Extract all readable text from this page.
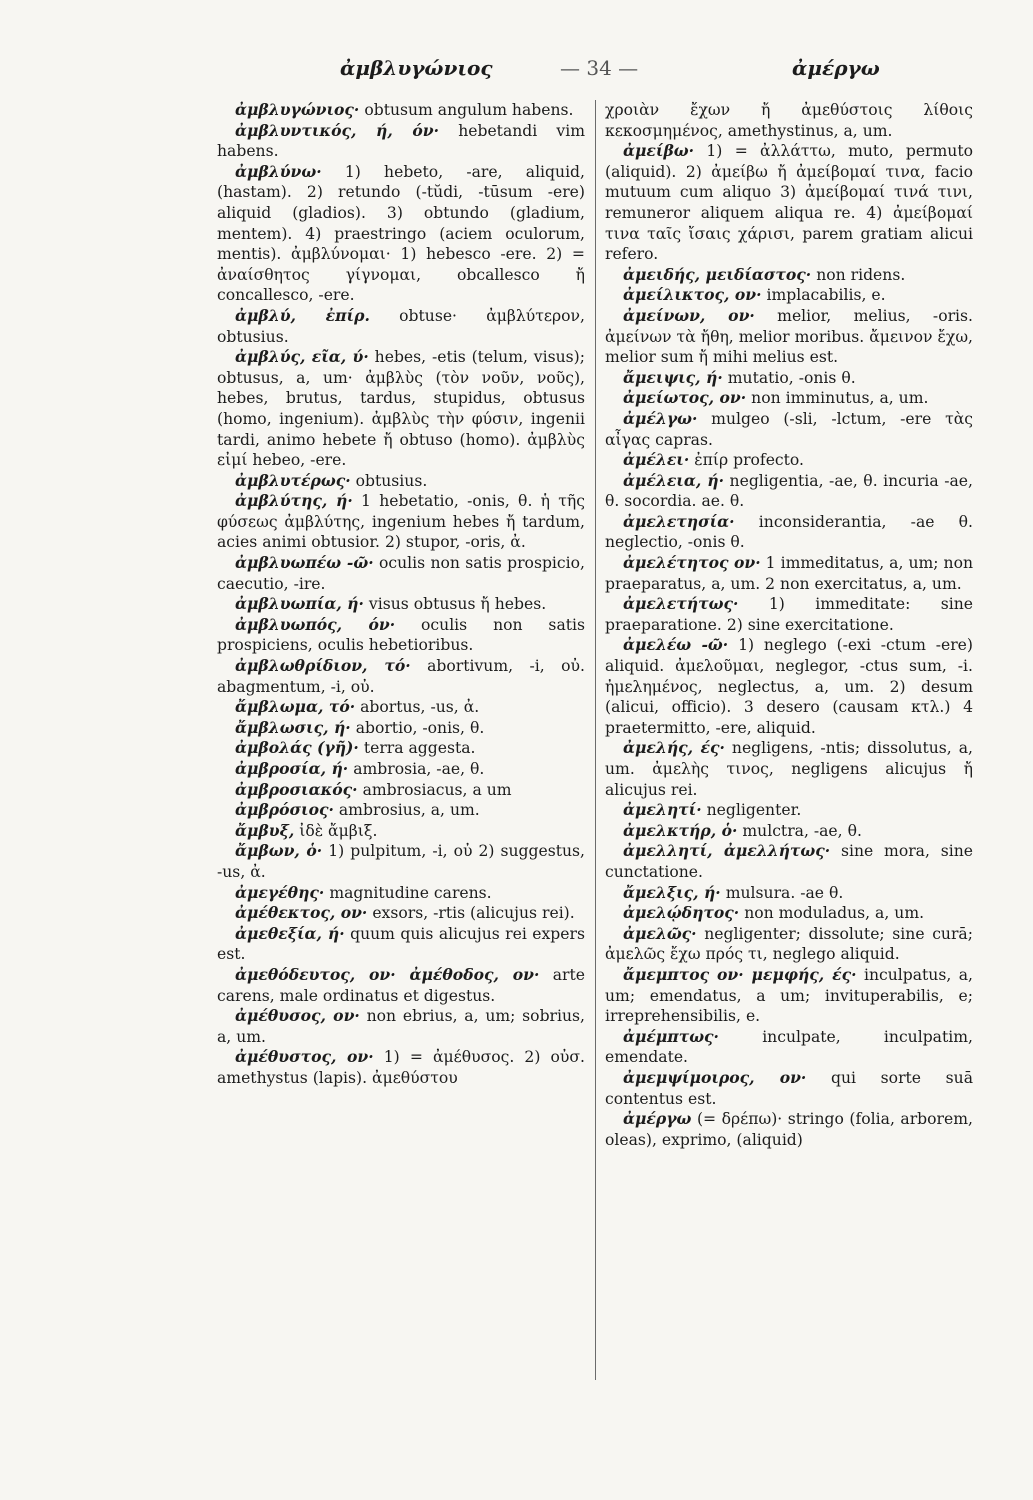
ἀμβλυγώνιος	— 34 —	ἀμέργω

ἀμβλυγώνιος· obtusum angulum habens.

ἀμβλυντικός, ή, όν· hebetandi vim habens.

ἀμβλύνω· 1) hebeto, -are, aliquid, (hastam). 2) retundo (-tŭdi, -tūsum -ere) aliquid (gladios). 3) obtundo (gladium, mentem). 4) praestringo (aciem oculorum, mentis). ἀμβλύνομαι· 1) hebesco -ere. 2) = ἀναίσθητος γίγνομαι, obcallesco ἤ concallesco, -ere.

ἀμβλύ, ἐπίρ. obtuse· ἀμβλύτερον, obtusius.

ἀμβλύς, εῖα, ύ· hebes, -etis (telum, visus); obtusus, a, um· ἀμβλὺς (τὸν νοῦν, νοῦς), hebes, brutus, tardus, stupidus, obtusus (homo, ingenium). ἀμβλὺς τὴν φύσιν, ingenii tardi, animo hebete ἤ obtuso (homo). ἀμβλὺς εἰμί hebeo, -ere.

ἀμβλυτέρως· obtusius.

ἀμβλύτης, ή· 1 hebetatio, -onis, θ. ἡ τῆς φύσεως ἀμβλύτης, ingenium hebes ἤ tardum, acies animi obtusior. 2) stupor, -oris, ἀ.

ἀμβλυωπέω -ῶ· oculis non satis prospicio, caecutio, -ire.

ἀμβλυωπία, ή· visus obtusus ἤ hebes.

ἀμβλυωπός, όν· oculis non satis prospiciens, oculis hebetioribus.

ἀμβλωθρίδιον, τό· abortivum, -i, οὐ. abagmentum, -i, οὐ.

ἄμβλωμα, τό· abortus, -us, ἀ.

ἄμβλωσις, ή· abortio, -onis, θ.

ἀμβολάς (γῆ)· terra aggesta.

ἀμβροσία, ή· ambrosia, -ae, θ.

ἀμβροσιακός· ambrosiacus, a um

ἀμβρόσιος· ambrosius, a, um.

ἄμβυξ, ἰδὲ ἄμβιξ.

ἄμβων, ὁ· 1) pulpitum, -i, οὐ 2) suggestus, -us, ἀ.

ἀμεγέθης· magnitudine carens.

ἀμέθεκτος, ον· exsors, -rtis (alicujus rei).

ἀμεθεξία, ή· quum quis alicujus rei expers est.

ἀμεθόδευτος, ον· ἀμέθοδος, ον· arte carens, male ordinatus et digestus.

ἀμέθυσος, ον· non ebrius, a, um; sobrius, a, um.

ἀμέθυστος, ον· 1) = ἀμέθυσος. 2) οὐσ. amethystus (lapis). ἀμεθύστου

χροιὰν ἔχων ἤ ἀμεθύστοις λίθοις κεκοσμημένος, amethystinus, a, um.

ἀμείβω· 1) = ἀλλάττω, muto, permuto (aliquid). 2) ἀμείβω ἤ ἀμείβομαί τινα, facio mutuum cum aliquo 3) ἀμείβομαί τινά τινι, remuneror aliquem aliqua re. 4) ἀμείβομαί τινα ταῖς ἴσαις χάρισι, parem gratiam alicui refero.

ἀμειδής, μειδίαστος· non ridens.

ἀμείλικτος, ον· implacabilis, e.

ἀμείνων, ον· melior, melius, -oris. ἀμείνων τὰ ἤθη, melior moribus. ἄμεινον ἔχω, melior sum ἤ mihi melius est.

ἄμειψις, ή· mutatio, -onis θ.

ἀμείωτος, ον· non imminutus, a, um.

ἀμέλγω· mulgeo (-sli, -lctum, -ere τὰς αἶγας capras.

ἀμέλει· ἐπίρ profecto.

ἀμέλεια, ή· negligentia, -ae, θ. incuria -ae, θ. socordia. ae. θ.

ἀμελετησία· inconsiderantia, -ae θ. neglectio, -onis θ.

ἀμελέτητος ον· 1 immeditatus, a, um; non praeparatus, a, um. 2 non exercitatus, a, um.

ἀμελετήτως· 1) immeditate: sine praeparatione. 2) sine exercitatione.

ἀμελέω -ῶ· 1) neglego (-exi -ctum -ere) aliquid. ἀμελοῦμαι, neglegor, -ctus sum, -i. ἠμελημένος, neglectus, a, um. 2) desum (alicui, officio). 3 desero (causam κτλ.) 4 praetermitto, -ere, aliquid.

ἀμελής, ές· negligens, -ntis; dissolutus, a, um. ἀμελὴς τινος, negligens alicujus ἤ alicujus rei.

ἀμελητί· negligenter.

ἀμελκτήρ, ὁ· mulctra, -ae, θ.

ἀμελλητί, ἀμελλήτως· sine mora, sine cunctatione.

ἄμελξις, ή· mulsura. -ae θ.

ἀμελῴδητος· non moduladus, a, um.

ἀμελῶς· negligenter; dissolute; sine curā; ἀμελῶς ἔχω πρός τι, neglego aliquid.

ἄμεμπτος ον· μεμφής, ές· inculpatus, a, um; emendatus, a um; invituperabilis, e; irreprehensibilis, e.

ἀμέμπτως·	inculpate, inculpatim, emendate.

ἀμεμψίμοιρος, ον· qui sorte suā contentus est.

ἀμέργω (= δρέπω)· stringo (folia, arborem, oleas), exprimo, (aliquid)
